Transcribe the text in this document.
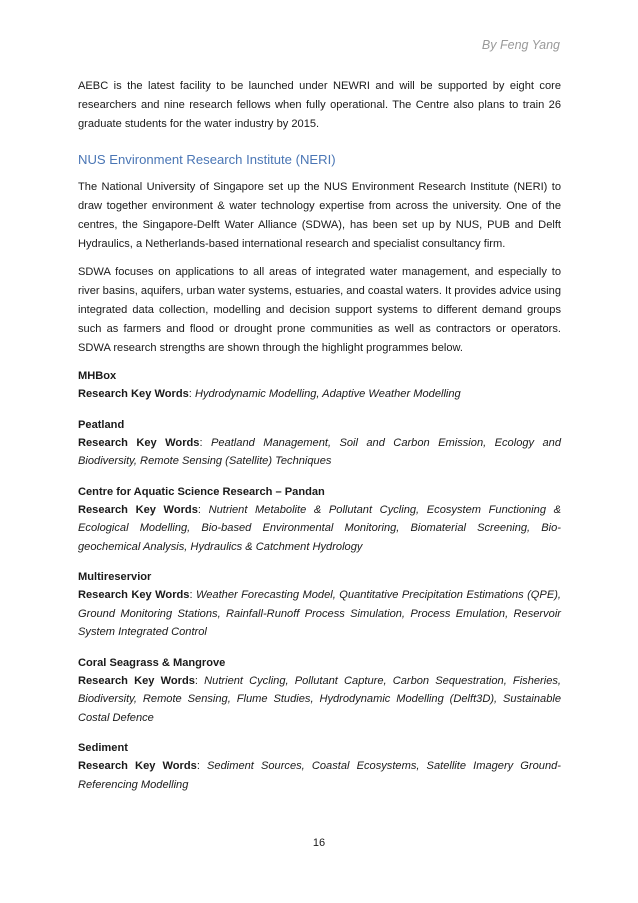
By Feng Yang

AEBC is the latest facility to be launched under NEWRI and will be supported by eight core researchers and nine research fellows when fully operational. The Centre also plans to train 26 graduate students for the water industry by 2015.

NUS Environment Research Institute (NERI)

The National University of Singapore set up the NUS Environment Research Institute (NERI) to draw together environment & water technology expertise from across the university. One of the centres, the Singapore-Delft Water Alliance (SDWA), has been set up by NUS, PUB and Delft Hydraulics, a Netherlands-based international research and specialist consultancy firm.

SDWA focuses on applications to all areas of integrated water management, and especially to river basins, aquifers, urban water systems, estuaries, and coastal waters. It provides advice using integrated data collection, modelling and decision support systems to different demand groups such as farmers and flood or drought prone communities as well as contractors or operators. SDWA research strengths are shown through the highlight programmes below.

MHBox
Research Key Words: Hydrodynamic Modelling, Adaptive Weather Modelling
Peatland
Research Key Words: Peatland Management, Soil and Carbon Emission, Ecology and Biodiversity, Remote Sensing (Satellite) Techniques
Centre for Aquatic Science Research – Pandan
Research Key Words: Nutrient Metabolite & Pollutant Cycling, Ecosystem Functioning & Ecological Modelling, Bio-based Environmental Monitoring, Biomaterial Screening, Bio-geochemical Analysis, Hydraulics & Catchment Hydrology
Multireservior
Research Key Words: Weather Forecasting Model, Quantitative Precipitation Estimations (QPE), Ground Monitoring Stations, Rainfall-Runoff Process Simulation, Process Emulation, Reservoir System Integrated Control
Coral Seagrass & Mangrove
Research Key Words: Nutrient Cycling, Pollutant Capture, Carbon Sequestration, Fisheries, Biodiversity, Remote Sensing, Flume Studies, Hydrodynamic Modelling (Delft3D), Sustainable Costal Defence
Sediment
Research Key Words: Sediment Sources, Coastal Ecosystems, Satellite Imagery Ground-Referencing Modelling
16
